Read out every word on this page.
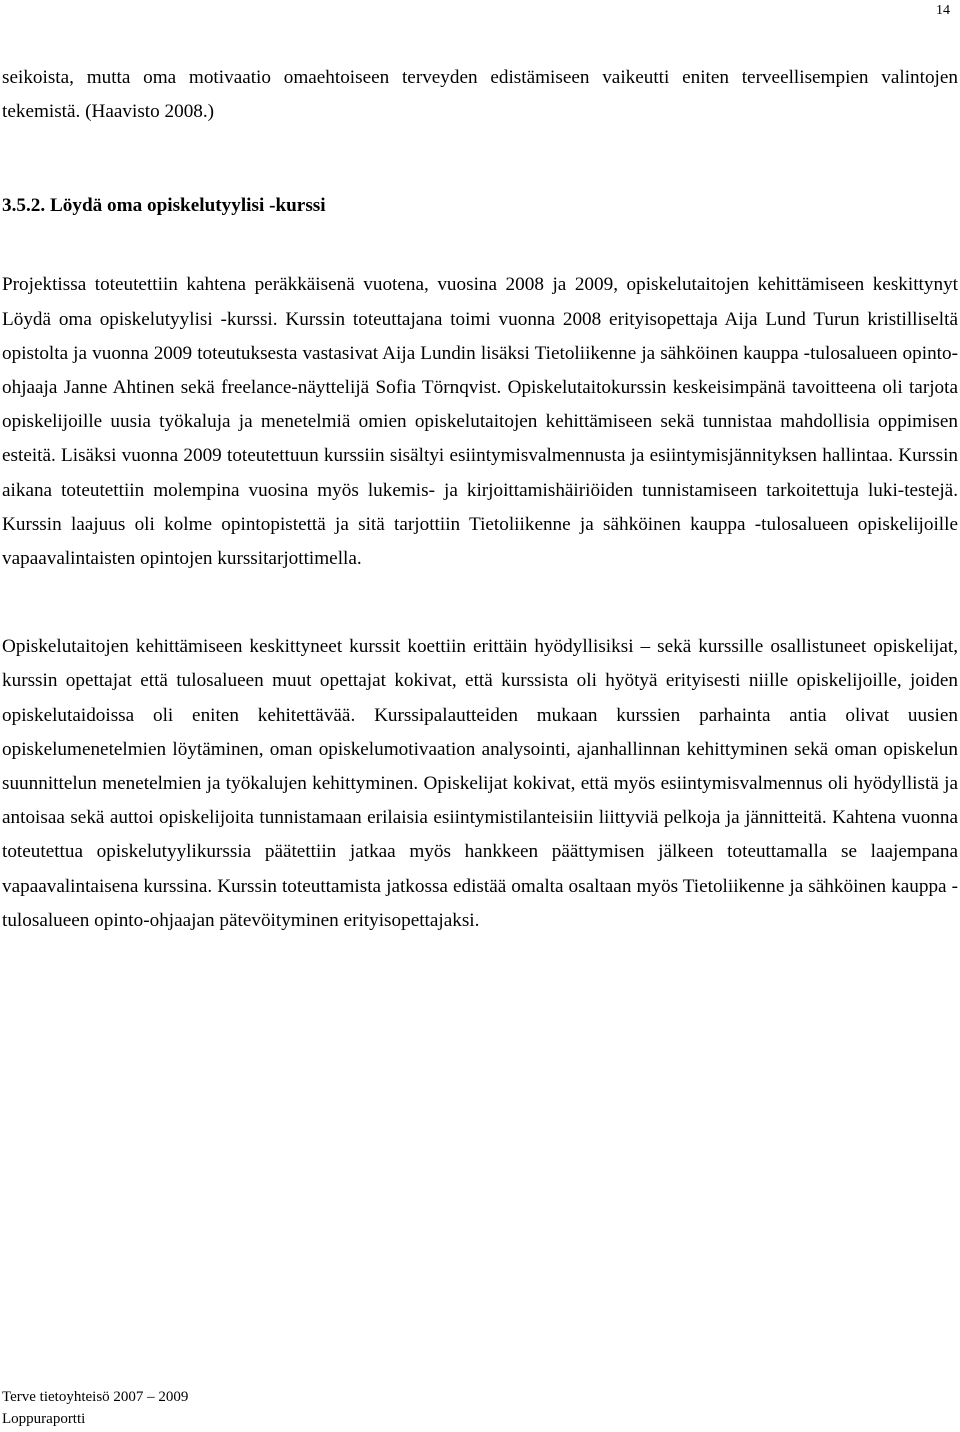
14

seikoista, mutta oma motivaatio omaehtoiseen terveyden edistämiseen vaikeutti eniten terveellisempien valintojen tekemistä. (Haavisto 2008.)

3.5.2. Löydä oma opiskelutyylisi -kurssi

Projektissa toteutettiin kahtena peräkkäisenä vuotena, vuosina 2008 ja 2009, opiskelutaitojen kehittämiseen keskittynyt Löydä oma opiskelutyylisi -kurssi. Kurssin toteuttajana toimi vuonna 2008 erityisopettaja Aija Lund Turun kristilliseltä opistolta ja vuonna 2009 toteutuksesta vastasivat Aija Lundin lisäksi Tietoliikenne ja sähköinen kauppa -tulosalueen opinto-ohjaaja Janne Ahtinen sekä freelance-näyttelijä Sofia Törnqvist. Opiskelutaitokurssin keskeisimpänä tavoitteena oli tarjota opiskelijoille uusia työkaluja ja menetelmiä omien opiskelutaitojen kehittämiseen sekä tunnistaa mahdollisia oppimisen esteitä. Lisäksi vuonna 2009 toteutettuun kurssiin sisältyi esiintymisvalmennusta ja esiintymisjännityksen hallintaa. Kurssin aikana toteutettiin molempina vuosina myös lukemis- ja kirjoittamishäiriöiden tunnistamiseen tarkoitettuja luki-testejä. Kurssin laajuus oli kolme opintopistettä ja sitä tarjottiin Tietoliikenne ja sähköinen kauppa -tulosalueen opiskelijoille vapaavalintaisten opintojen kurssitarjottimella.

Opiskelutaitojen kehittämiseen keskittyneet kurssit koettiin erittäin hyödyllisiksi – sekä kurssille osallistuneet opiskelijat, kurssin opettajat että tulosalueen muut opettajat kokivat, että kurssista oli hyötyä erityisesti niille opiskelijoille, joiden opiskelutaidoissa oli eniten kehitettävää. Kurssipalautteiden mukaan kurssien parhainta antia olivat uusien opiskelumenetelmien löytäminen, oman opiskelumotivaation analysointi, ajanhallinnan kehittyminen sekä oman opiskelun suunnittelun menetelmien ja työkalujen kehittyminen. Opiskelijat kokivat, että myös esiintymisvalmennus oli hyödyllistä ja antoisaa sekä auttoi opiskelijoita tunnistamaan erilaisia esiintymistilanteisiin liittyviä pelkoja ja jännitteitä. Kahtena vuonna toteutettua opiskelutyylikurssia päätettiin jatkaa myös hankkeen päättymisen jälkeen toteuttamalla se laajempana vapaavalintaisena kurssina. Kurssin toteuttamista jatkossa edistää omalta osaltaan myös Tietoliikenne ja sähköinen kauppa -tulosalueen opinto-ohjaajan pätevöityminen erityisopettajaksi.

Terve tietoyhteisö 2007 – 2009
Loppuraportti
